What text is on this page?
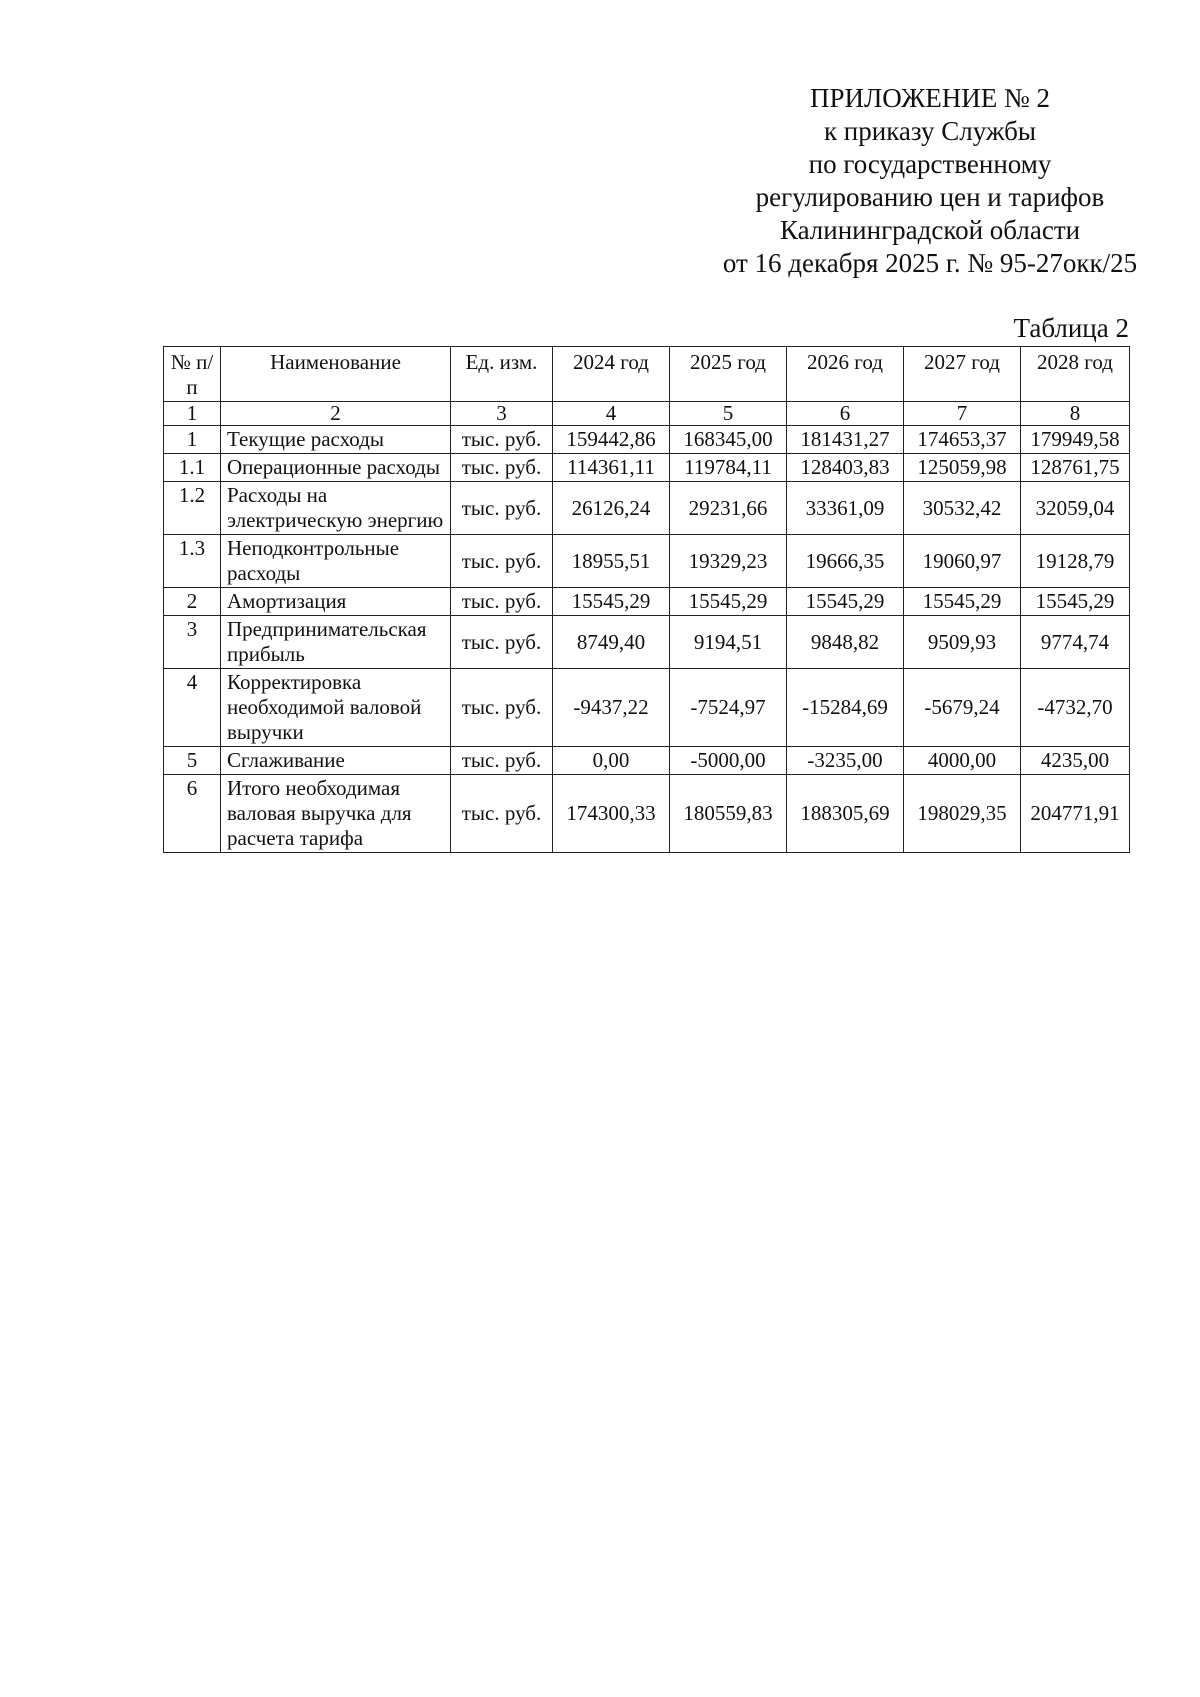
ПРИЛОЖЕНИЕ № 2
к приказу Службы
по государственному
регулированию цен и тарифов
Калининградской области
от 16 декабря 2025 г. № 95-27окк/25
Таблица 2
№ п/п	Наименование	Ед. изм.	2024 год	2025 год	2026 год	2027 год	2028 год
1	2	3	4	5	6	7	8
1	Текущие расходы	тыс. руб.	159442,86	168345,00	181431,27	174653,37	179949,58
1.1	Операционные расходы	тыс. руб.	114361,11	119784,11	128403,83	125059,98	128761,75
1.2	Расходы на электрическую энергию	тыс. руб.	26126,24	29231,66	33361,09	30532,42	32059,04
1.3	Неподконтрольные расходы	тыс. руб.	18955,51	19329,23	19666,35	19060,97	19128,79
2	Амортизация	тыс. руб.	15545,29	15545,29	15545,29	15545,29	15545,29
3	Предпринимательская прибыль	тыс. руб.	8749,40	9194,51	9848,82	9509,93	9774,74
4	Корректировка необходимой валовой выручки	тыс. руб.	-9437,22	-7524,97	-15284,69	-5679,24	-4732,70
5	Сглаживание	тыс. руб.	0,00	-5000,00	-3235,00	4000,00	4235,00
6	Итого необходимая валовая выручка для расчета тарифа	тыс. руб.	174300,33	180559,83	188305,69	198029,35	204771,91
